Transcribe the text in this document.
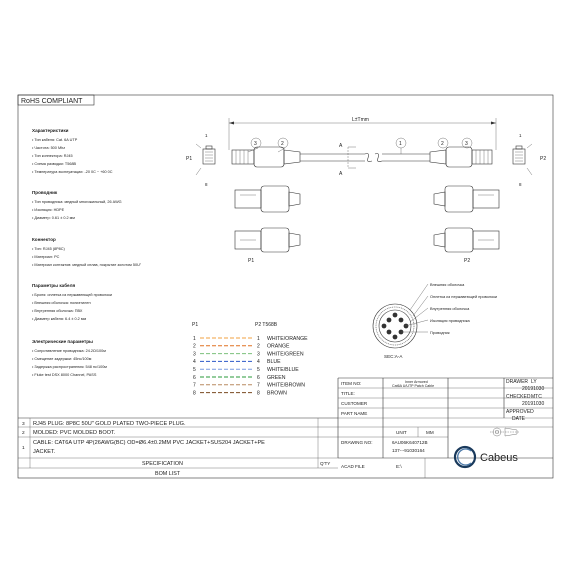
RoHS COMPLIANT
Характеристики
• Тип кабеля: Cat. 6A UTP
• Частота: 500 Mhz
• Тип коннектора: RJ45
• Схема разводки: T568B
• Температура эксплуатации: -20 0C ~ +60 0C
Проводник
• Тип проводника: медный многожильный, 26 AWG
• Изоляция: HDPE
• Диаметр: 0.61 ± 0.2 мм
Коннектор
• Тип: RJ45 (8P8C)
• Материал: PC
• Материал контактов: медный сплав, покрытие золотом 50U"
Параметры кабеля
• Броня: оплетка из нержавеющей проволоки
• Внешняя оболочка: полиэтилен
• Внутренняя оболочка: ПВХ
• Диаметр кабеля: 6.4 ± 0.2 мм
Электрические параметры
• Сопротивление проводника: 24.2Ω/100м
• Смещение задержки: 45нс/100м
• Задержка распространения: 548 нс/100м
• Fluke test DSX 8000 Channel, PASS
L±Tmm
P1
1
8
3	2	1
A
A
2	3
P2
1
8
P1	P2
Внешняя оболочка
Оплетка из нержавеющей проволоки
Внутренняя оболочка
Изоляция проводника
Проводник
SEC:A-A
P1	P2 T568B
1	1 WHITE/ORANGE
2	2 ORANGE
3	3 WHITE/GREEN
4	4 BLUE
5	5 WHITE/BLUE
6	6 GREEN
7	7 WHITE/BROWN
8	8 BROWN
ITEM NO:	Inner Armored
Cat6A U/UTP Patch Cable
TITLE:
CUSTOMER
PART NAME
UNIT	MM
DRAWING NO:	6AU06K640712B
137---91030164
DRAWER LY
20191030
CHECKED MTC
20191030
APPROVED
DATE
Cabeus
ACAD FILE	E:\
3 RJ45 PLUG: 8P8C 50U" GOLD PLATED TWO-PIECE PLUG.
2 MOLDED: PVC MOLDED BOOT.
1
CABLE: CAT6A UTP 4P(26AWG(BC) OD=Ø6.4±0.2MM PVC JACKET+SUS204 JACKET+PE
JACKET.
SPECIFICATION	Q'TY
BOM LIST
